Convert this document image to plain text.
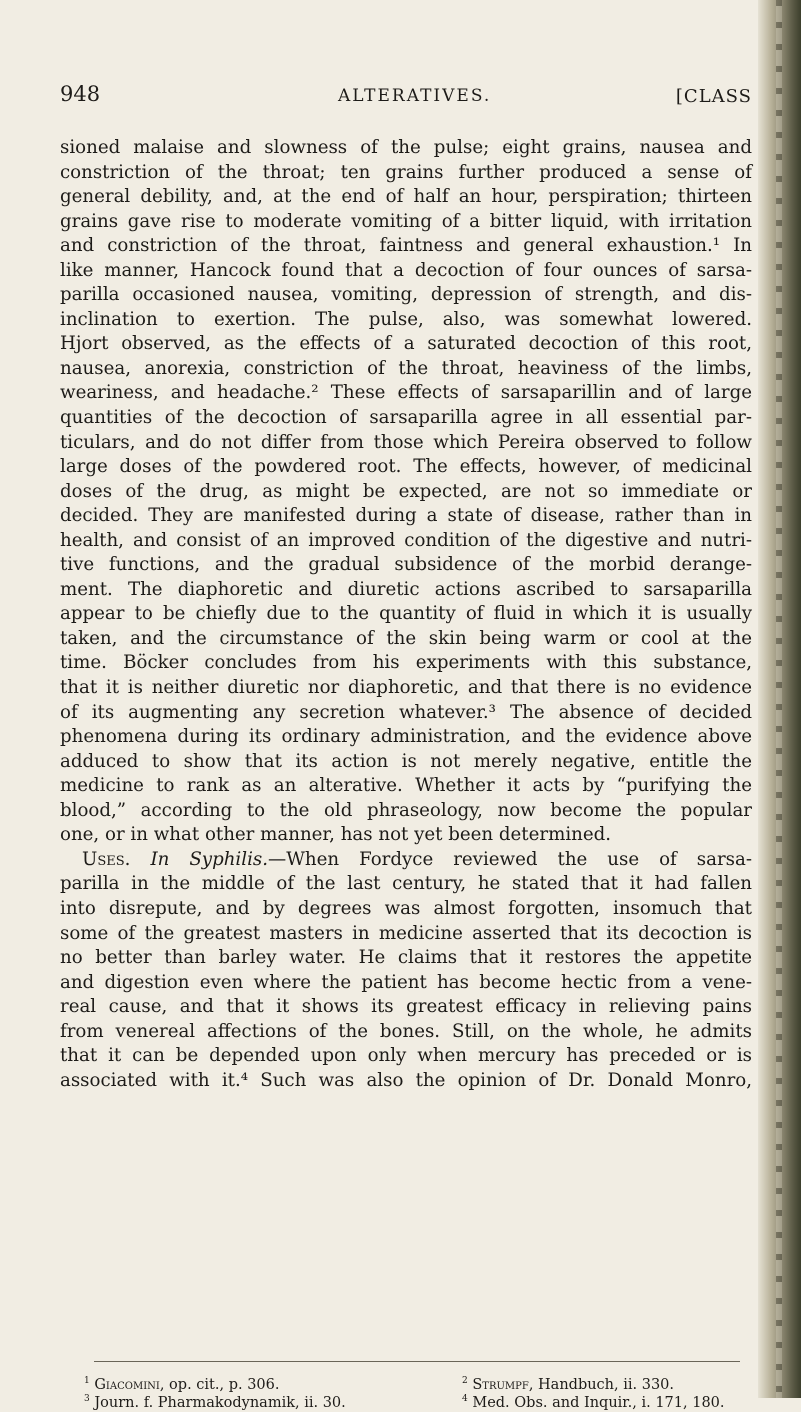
948	ALTERATIVES.	[CLASS
sioned malaise and slowness of the pulse; eight grains, nausea and
constriction of the throat; ten grains further produced a sense of
general debility, and, at the end of half an hour, perspiration; thirteen
grains gave rise to moderate vomiting of a bitter liquid, with irritation
and constriction of the throat, faintness and general exhaustion.¹ In
like manner, Hancock found that a decoction of four ounces of sarsa-
parilla occasioned nausea, vomiting, depression of strength, and dis-
inclination to exertion. The pulse, also, was somewhat lowered.
Hjort observed, as the effects of a saturated decoction of this root,
nausea, anorexia, constriction of the throat, heaviness of the limbs,
weariness, and headache.² These effects of sarsaparillin and of large
quantities of the decoction of sarsaparilla agree in all essential par-
ticulars, and do not differ from those which Pereira observed to follow
large doses of the powdered root. The effects, however, of medicinal
doses of the drug, as might be expected, are not so immediate or
decided. They are manifested during a state of disease, rather than in
health, and consist of an improved condition of the digestive and nutri-
tive functions, and the gradual subsidence of the morbid derange-
ment. The diaphoretic and diuretic actions ascribed to sarsaparilla
appear to be chiefly due to the quantity of fluid in which it is usually
taken, and the circumstance of the skin being warm or cool at the
time. Böcker concludes from his experiments with this substance,
that it is neither diuretic nor diaphoretic, and that there is no evidence
of its augmenting any secretion whatever.³ The absence of decided
phenomena during its ordinary administration, and the evidence above
adduced to show that its action is not merely negative, entitle the
medicine to rank as an alterative. Whether it acts by “purifying the
blood,” according to the old phraseology, now become the popular
one, or in what other manner, has not yet been determined.
Uses. In Syphilis.—When Fordyce reviewed the use of sarsa-
parilla in the middle of the last century, he stated that it had fallen
into disrepute, and by degrees was almost forgotten, insomuch that
some of the greatest masters in medicine asserted that its decoction is
no better than barley water. He claims that it restores the appetite
and digestion even where the patient has become hectic from a vene-
real cause, and that it shows its greatest efficacy in relieving pains
from venereal affections of the bones. Still, on the whole, he admits
that it can be depended upon only when mercury has preceded or is
associated with it.⁴ Such was also the opinion of Dr. Donald Monro,
$^1$ Giacomini, op. cit., p. 306.	$^2$ Strumpf, Handbuch, ii. 330.
$^3$ Journ. f. Pharmakodynamik, ii. 30.	$^4$ Med. Obs. and Inquir., i. 171, 180.
